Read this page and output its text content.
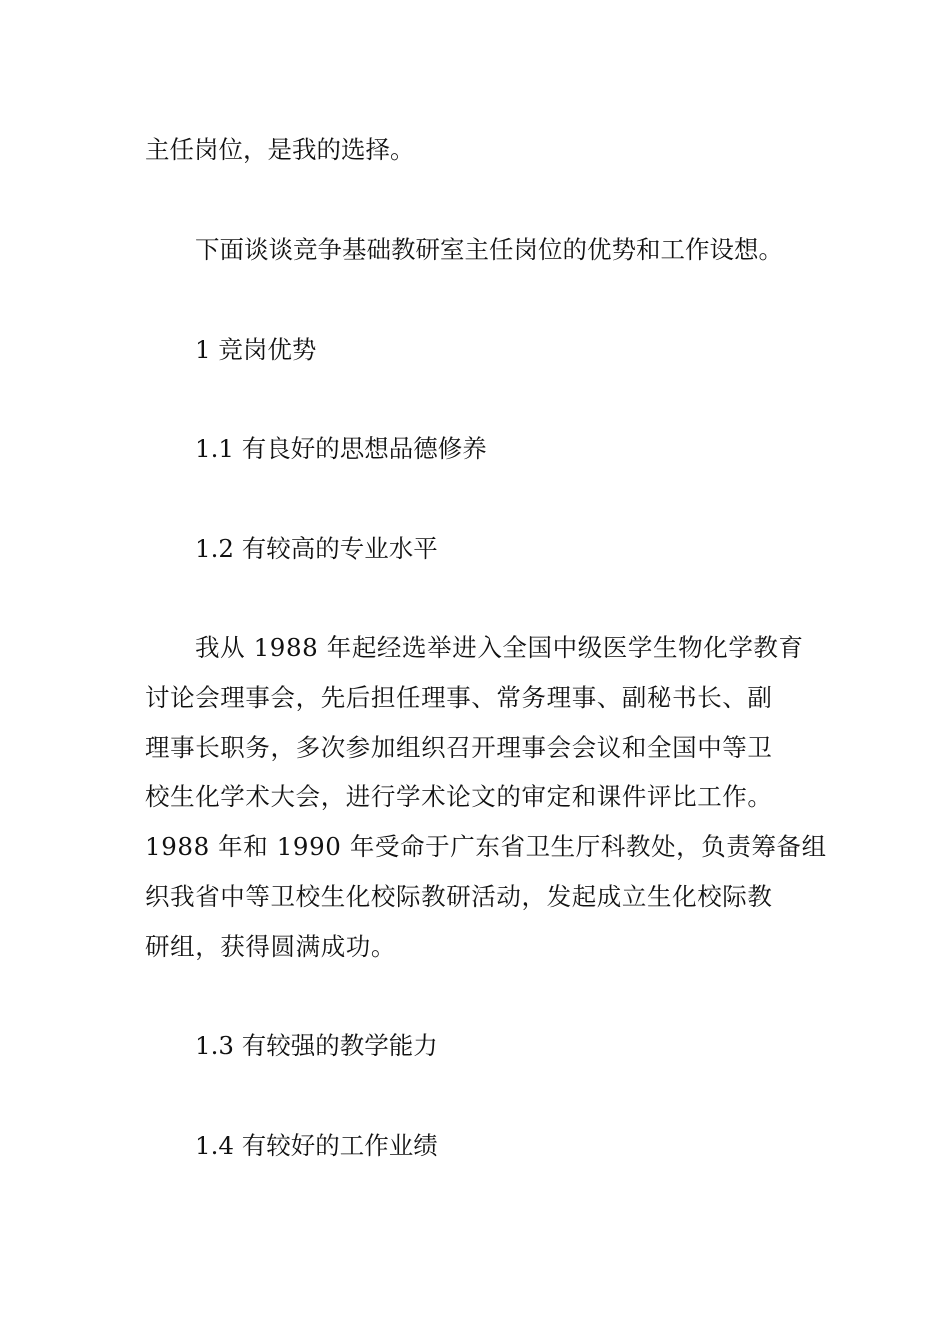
主任岗位，是我的选择。
下面谈谈竞争基础教研室主任岗位的优势和工作设想。
1 竞岗优势
1.1 有良好的思想品德修养
1.2 有较高的专业水平
我从 1988 年起经选举进入全国中级医学生物化学教育
讨论会理事会，先后担任理事、常务理事、副秘书长、副
理事长职务，多次参加组织召开理事会会议和全国中等卫
校生化学术大会，进行学术论文的审定和课件评比工作。
1988 年和 1990 年受命于广东省卫生厅科教处，负责筹备组
织我省中等卫校生化校际教研活动，发起成立生化校际教
研组，获得圆满成功。
1.3 有较强的教学能力
1.4 有较好的工作业绩
